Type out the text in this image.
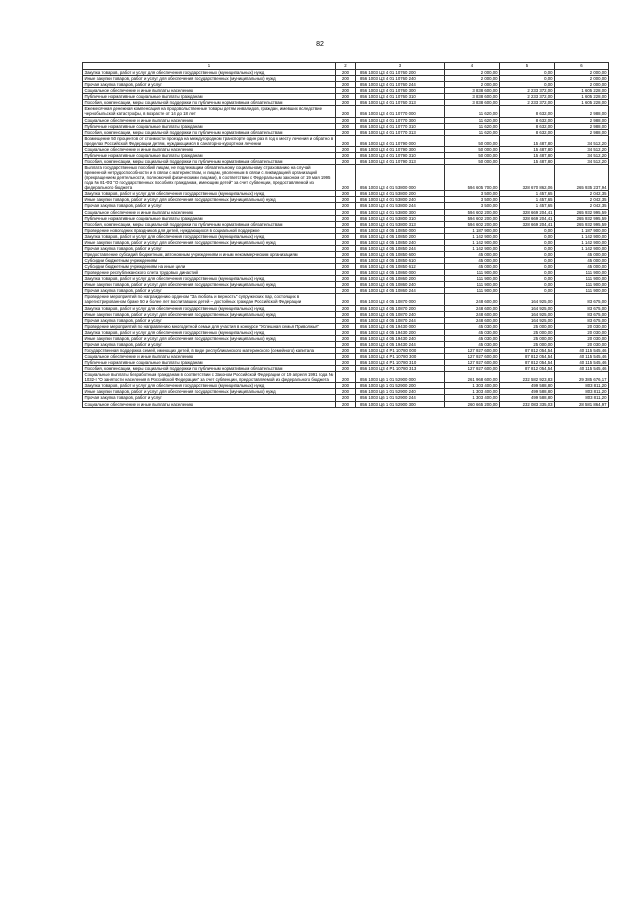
82
1	2	3	4	5	6
Закупка товаров, работ и услуг для обеспечения государственных (муниципальных) нужд	200	856 1003 Ц3 4 01 10760 200	2 000,00	0,00	2 000,00
Иные закупки товаров, работ и услуг для обеспечения государственных (муниципальных) нужд	200	856 1003 Ц3 4 01 10760 240	2 000,00	0,00	2 000,00
Прочая закупка товаров, работ и услуг	200	856 1003 Ц3 4 01 10760 244	2 000,00	0,00	2 000,00
Социальное обеспечение и иные выплаты населению	200	856 1003 Ц3 4 01 10760 300	3 838 600,00	2 233 372,00	1 605 228,00
Публичные нормативные социальные выплаты гражданам	200	856 1003 Ц3 4 01 10760 310	3 838 600,00	2 233 372,00	1 605 228,00
Пособия, компенсации, меры социальной поддержки по публичным нормативным обязательствам	200	856 1003 Ц3 4 01 10760 313	3 838 600,00	2 233 372,00	1 605 228,00
Ежемесячная денежная компенсация на продовольственные товары детям инвалидов, граждан, имевших вследствие чернобыльской катастрофы, в возрасте от 14 до 18 лет	200	856 1003 Ц3 4 01 10770 000	11 620,00	8 632,00	2 988,00
Социальное обеспечение и иные выплаты населению	200	856 1003 Ц3 4 01 10770 300	11 620,00	8 632,00	2 988,00
Публичные нормативные социальные выплаты гражданам	200	856 1003 Ц3 4 01 10770 310	11 620,00	8 632,00	2 988,00
Пособия, компенсации, меры социальной поддержки по публичным нормативным обязательствам	200	856 1003 Ц3 4 01 10770 313	11 620,00	8 632,00	2 988,00
Возмещение 50 процентов от стоимости проезда на междугородном транспорте один раз в год к месту лечения и обратно в пределах Российской Федерации детям, нуждающимся в санаторно-курортном лечении	200	856 1003 Ц3 4 01 10790 000	50 000,00	15 487,80	34 512,20
Социальное обеспечение и иные выплаты населению	200	856 1003 Ц3 4 01 10790 300	50 000,00	15 487,80	34 512,20
Публичные нормативные социальные выплаты гражданам	200	856 1003 Ц3 4 01 10790 310	50 000,00	15 487,80	34 512,20
Пособия, компенсации, меры социальной поддержки по публичным нормативным обязательствам	200	856 1003 Ц3 4 01 10790 313	50 000,00	15 487,80	34 512,20
Выплата государственных пособий лицам, не подлежащим обязательному социальному страхованию на случай временной нетрудоспособности и в связи с материнством, и лицам, уволенным в связи с ликвидацией организаций (прекращением деятельности, полномочий физическими лицами), в соответствии с Федеральным законом от 19 мая 1995 года № 81-ФЗ "О государственных пособиях гражданам, имеющим детей" за счет субвенции, предоставляемой из федерального бюджета	200	856 1003 Ц3 4 01 53800 000	594 605 700,00	328 670 862,06	265 935 237,94
Закупка товаров, работ и услуг для обеспечения государственных (муниципальных) нужд	200	856 1003 Ц3 4 01 53800 200	3 500,00	1 457,65	2 042,35
Иные закупки товаров, работ и услуг для обеспечения государственных (муниципальных) нужд	200	856 1003 Ц3 4 01 53800 240	3 500,00	1 457,65	2 042,35
Прочая закупка товаров, работ и услуг	200	856 1003 Ц3 4 01 53800 244	3 500,00	1 457,65	2 042,35
Социальное обеспечение и иные выплаты населению	200	856 1003 Ц3 4 01 53800 300	594 602 200,00	328 669 204,41	265 932 995,59
Публичные нормативные социальные выплаты гражданам	200	856 1003 Ц3 4 01 53800 310	594 602 200,00	328 669 204,41	265 932 995,59
Пособия, компенсации, меры социальной поддержки по публичным нормативным обязательствам	200	856 1003 Ц3 4 01 53800 313	594 602 200,00	328 669 204,41	265 932 995,59
Проведение новогодних праздников для детей, нуждающихся в социальной поддержке	200	856 1003 Ц3 4 05 10850 000	1 187 900,00	0,00	1 187 900,00
Закупка товаров, работ и услуг для обеспечения государственных (муниципальных) нужд	200	856 1003 Ц3 4 05 10850 200	1 142 900,00	0,00	1 142 900,00
Иные закупки товаров, работ и услуг для обеспечения государственных (муниципальных) нужд	200	856 1003 Ц3 4 05 10850 240	1 142 900,00	0,00	1 142 900,00
Прочая закупка товаров, работ и услуг	200	856 1003 Ц3 4 05 10850 244	1 142 900,00	0,00	1 142 900,00
Предоставление субсидий бюджетным, автономным учреждениям и иным некоммерческим организациям	200	856 1003 Ц3 4 05 10850 600	45 000,00	0,00	45 000,00
Субсидии бюджетным учреждениям	200	856 1003 Ц3 4 05 10850 610	45 000,00	0,00	45 000,00
Субсидии бюджетным учреждениям на иные цели	200	856 1003 Ц3 4 05 10850 612	45 000,00	0,00	45 000,00
Проведение республиканского слета трудовых династий	200	856 1003 Ц3 4 05 10860 000	111 900,00	0,00	111 900,00
Закупка товаров, работ и услуг для обеспечения государственных (муниципальных) нужд	200	856 1003 Ц3 4 05 10860 200	111 900,00	0,00	111 900,00
Иные закупки товаров, работ и услуг для обеспечения государственных (муниципальных) нужд	200	856 1003 Ц3 4 05 10860 240	111 900,00	0,00	111 900,00
Прочая закупка товаров, работ и услуг	200	856 1003 Ц3 4 05 10860 244	111 900,00	0,00	111 900,00
Проведение мероприятий по награждению орденом "За любовь и верность" супружеских пар, состоящих в зарегистрированном браке 50 и более лет воспитавших детей – достойных граждан Российской Федерации	200	856 1003 Ц3 4 05 10870 000	248 600,00	164 925,00	83 675,00
Закупка товаров, работ и услуг для обеспечения государственных (муниципальных) нужд	200	856 1003 Ц3 4 05 10870 200	248 600,00	164 925,00	83 675,00
Иные закупки товаров, работ и услуг для обеспечения государственных (муниципальных) нужд	200	856 1003 Ц3 4 05 10870 240	248 600,00	164 925,00	83 675,00
Прочая закупка товаров, работ и услуг	200	856 1003 Ц3 4 05 10870 244	248 600,00	164 925,00	83 675,00
Проведение мероприятий по направлению многодетной семьи для участия в конкурсе "Успешная семья Приволжья"	200	856 1003 Ц3 4 05 19430 000	45 030,00	25 000,00	20 030,00
Закупка товаров, работ и услуг для обеспечения государственных (муниципальных) нужд	200	856 1003 Ц3 4 05 19430 200	45 030,00	25 000,00	20 030,00
Иные закупки товаров, работ и услуг для обеспечения государственных (муниципальных) нужд	200	856 1003 Ц3 4 05 19430 240	45 030,00	25 000,00	20 030,00
Прочая закупка товаров, работ и услуг	200	856 1003 Ц3 4 05 19430 244	45 030,00	25 000,00	20 030,00
Государственная поддержка семей, имеющих детей, в виде республиканского материнского (семейного) капитала	200	856 1003 Ц3 4 P1 10780 000	127 927 600,00	87 812 054,54	40 115 545,46
Социальное обеспечение и иные выплаты населению	200	856 1003 Ц3 4 P1 10780 300	127 927 600,00	87 812 054,54	40 115 545,46
Публичные нормативные социальные выплаты гражданам	200	856 1003 Ц3 4 P1 10780 310	127 927 600,00	87 812 054,54	40 115 545,46
Пособия, компенсации, меры социальной поддержки по публичным нормативным обязательствам	200	856 1003 Ц3 4 P1 10780 313	127 927 600,00	87 812 054,54	40 115 545,46
Социальные выплаты безработным гражданам в соответствии с Законом Российской Федерации от 19 апреля 1991 года № 1032-I "О занятости населения в Российской Федерации" за счет субвенции, предоставляемой из федерального бюджета	200	856 1003 Ц6 1 01 52900 000	261 968 600,00	232 582 923,83	29 385 676,17
Закупка товаров, работ и услуг для обеспечения государственных (муниципальных) нужд	200	856 1003 Ц6 1 01 52900 200	1 303 400,00	499 588,80	803 811,20
Иные закупки товаров, работ и услуг для обеспечения государственных (муниципальных) нужд	200	856 1003 Ц6 1 01 52900 240	1 303 400,00	499 588,80	803 811,20
Прочая закупка товаров, работ и услуг	200	856 1003 Ц6 1 01 52900 244	1 303 400,00	499 588,80	803 811,20
Социальное обеспечение и иные выплаты населению	200	856 1003 Ц6 1 01 52900 300	260 665 200,00	232 083 335,03	28 581 864,97
